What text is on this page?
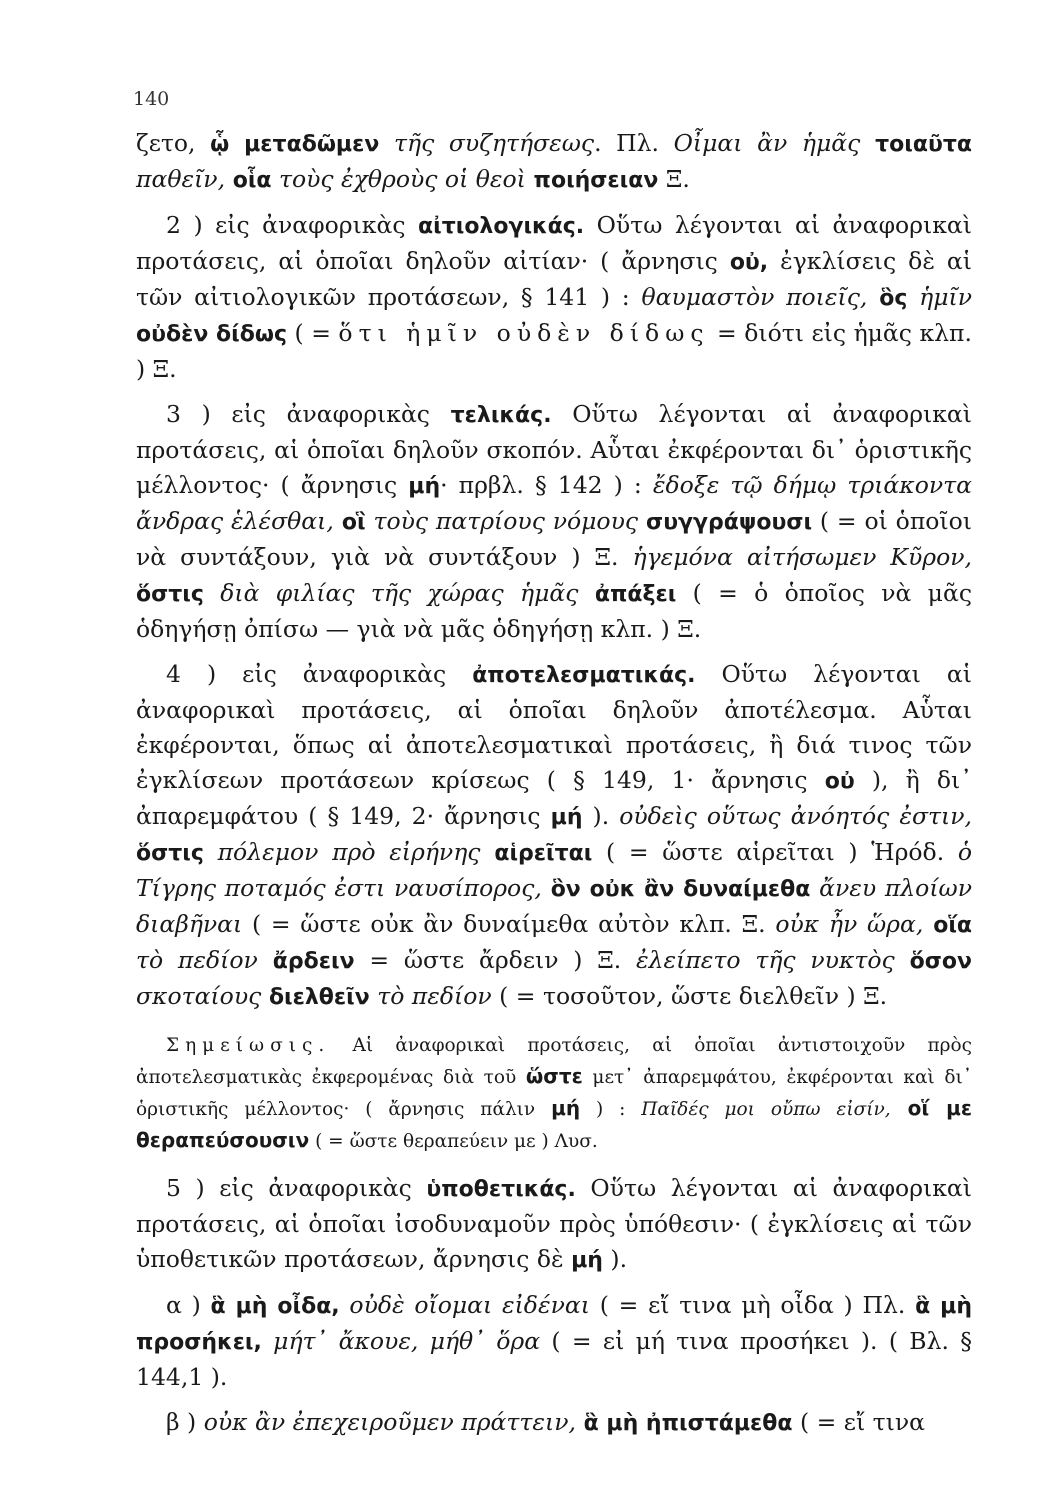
140

ζετο, ᾧ μεταδῶμεν τῆς συζητήσεως. Πλ. Οἶμαι ἂν ἡμᾶς τοιαῦτα παθεῖν, οἷα τοὺς ἐχθροὺς οἱ θεοὶ ποιήσειαν Ξ.

2 ) εἰς ἀναφορικὰς αἰτιολογικάς. Οὕτω λέγονται αἱ ἀναφορικαὶ προτάσεις, αἱ ὁποῖαι δηλοῦν αἰτίαν· ( ἄρνησις οὐ, ἐγκλίσεις δὲ αἱ τῶν αἰτιολογικῶν προτάσεων, § 141 ) : θαυμαστὸν ποιεῖς, ὃς ἡμῖν οὐδὲν δίδως ( = ὅτι ἡμῖν οὐδὲν δίδως = διότι εἰς ἡμᾶς κλπ. ) Ξ.

3 ) εἰς ἀναφορικὰς τελικάς. Οὕτω λέγονται αἱ ἀναφορικαὶ προτάσεις, αἱ ὁποῖαι δηλοῦν σκοπόν. Αὗται ἐκφέρονται δι᾽ ὁριστικῆς μέλλοντος· ( ἄρνησις μή· πρβλ. § 142 ) : ἔδοξε τῷ δήμῳ τριάκοντα ἄνδρας ἑλέσθαι, οἳ τοὺς πατρίους νόμους συγγράψουσι ( = οἱ ὁποῖοι νὰ συντάξουν, γιὰ νὰ συντάξουν ) Ξ. ἡγεμόνα αἰτήσωμεν Κῦρον, ὅστις διὰ φιλίας τῆς χώρας ἡμᾶς ἀπάξει ( = ὁ ὁποῖος νὰ μᾶς ὁδηγήσῃ ὀπίσω — γιὰ νὰ μᾶς ὁδηγήσῃ κλπ. ) Ξ.

4 ) εἰς ἀναφορικὰς ἀποτελεσματικάς. Οὕτω λέγονται αἱ ἀναφορικαὶ προτάσεις, αἱ ὁποῖαι δηλοῦν ἀποτέλεσμα. Αὗται ἐκφέρονται, ὅπως αἱ ἀποτελεσματικαὶ προτάσεις, ἢ διά τινος τῶν ἐγκλίσεων προτάσεων κρίσεως ( § 149, 1· ἄρνησις οὐ ), ἢ δι᾽ ἀπαρεμφάτου ( § 149, 2· ἄρνησις μή ). οὐδεὶς οὕτως ἀνόητός ἐστιν, ὅστις πόλεμον πρὸ εἰρήνης αἱρεῖται ( = ὥστε αἱρεῖται ) Ἡρόδ. ὁ Τίγρης ποταμός ἐστι ναυσίπορος, ὃν οὐκ ἂν δυναίμεθα ἄνευ πλοίων διαβῆναι ( = ὥστε οὐκ ἂν δυναίμεθα αὐτὸν κλπ. Ξ. οὐκ ἦν ὥρα, οἵα τὸ πεδίον ἄρδειν = ὥστε ἄρδειν ) Ξ. ἐλείπετο τῆς νυκτὸς ὅσον σκοταίους διελθεῖν τὸ πεδίον ( = τοσοῦτον, ὥστε διελθεῖν ) Ξ.

Σημείωσις. Αἱ ἀναφορικαὶ προτάσεις, αἱ ὁποῖαι ἀντιστοιχοῦν πρὸς ἀποτελεσματικὰς ἐκφερομένας διὰ τοῦ ὥστε μετ᾽ ἀπαρεμφάτου, ἐκφέρονται καὶ δι᾽ ὁριστικῆς μέλλοντος· ( ἄρνησις πάλιν μή ) : Παῖδές μοι οὔπω εἰσίν, οἵ με θεραπεύσουσιν ( = ὥστε θεραπεύειν με ) Λυσ.

5 ) εἰς ἀναφορικὰς ὑποθετικάς. Οὕτω λέγονται αἱ ἀναφορικαὶ προτάσεις, αἱ ὁποῖαι ἰσοδυναμοῦν πρὸς ὑπόθεσιν· ( ἐγκλίσεις αἱ τῶν ὑποθετικῶν προτάσεων, ἄρνησις δὲ μή ).

α ) ἃ μὴ οἶδα, οὐδὲ οἴομαι εἰδέναι ( = εἴ τινα μὴ οἶδα ) Πλ. ἃ μὴ προσήκει, μήτ᾽ ἄκουε, μήθ᾽ ὅρα ( = εἰ μή τινα προσήκει ). ( Βλ. § 144,1 ).

β ) οὐκ ἂν ἐπεχειροῦμεν πράττειν, ἃ μὴ ἠπιστάμεθα ( = εἴ τινα
